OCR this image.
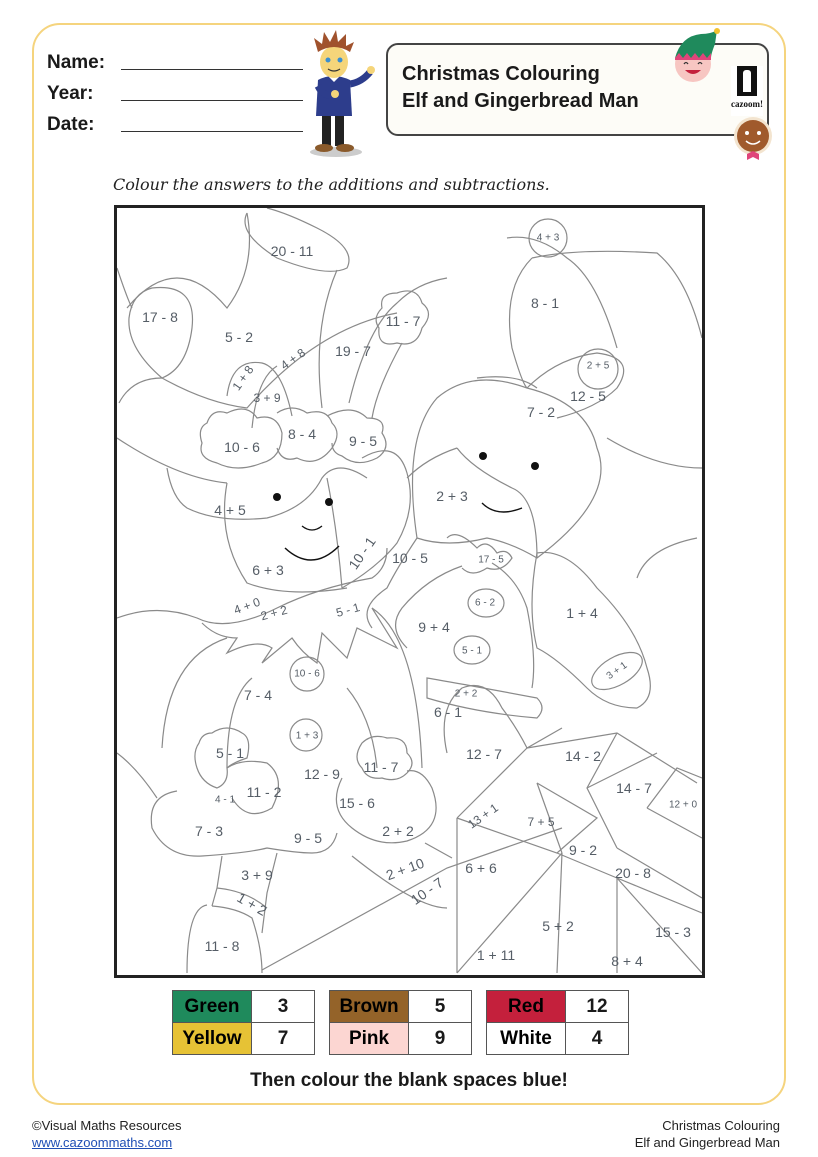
Name:
Year:
Date:
Christmas Colouring
Elf and Gingerbread Man	cazoom!
Colour the answers to the additions and subtractions.
20 - 11
17 - 8
5 - 2
11 - 7
19 - 7
1 + 8
4 + 8
3 + 9
10 - 6
8 - 4 9 - 5
4 + 3
8 - 1
2 + 5
12 - 5
7 - 2
4 + 5
2 + 3
6 + 3	10 - 1 10 - 5	17 - 5
4 + 0
2 + 2	5 - 1	6 - 2
9 + 4
5 - 1
1 + 4
10 - 6
7 - 4
3 + 1
2 + 2
6 - 1
1 + 3
5 - 1	12 - 7	14 - 2
12 - 9 11 - 7
11 - 2
4 - 1
14 - 7
12 + 0
15 - 6
7 - 3	13 + 1 7 + 5
2 + 2
9 - 5
9 - 2
3 + 9	2 + 10	6 + 6	20 - 8
1 + 2	10 - 7
5 + 2	15 - 3
11 - 8
1 + 11	8 + 4
Green	3
Yellow	7
Brown	5
Pink	9
Red	12
White	4
Then colour the blank spaces blue!
©Visual Maths Resources
www.cazoommaths.com
Christmas Colouring
Elf and Gingerbread Man
